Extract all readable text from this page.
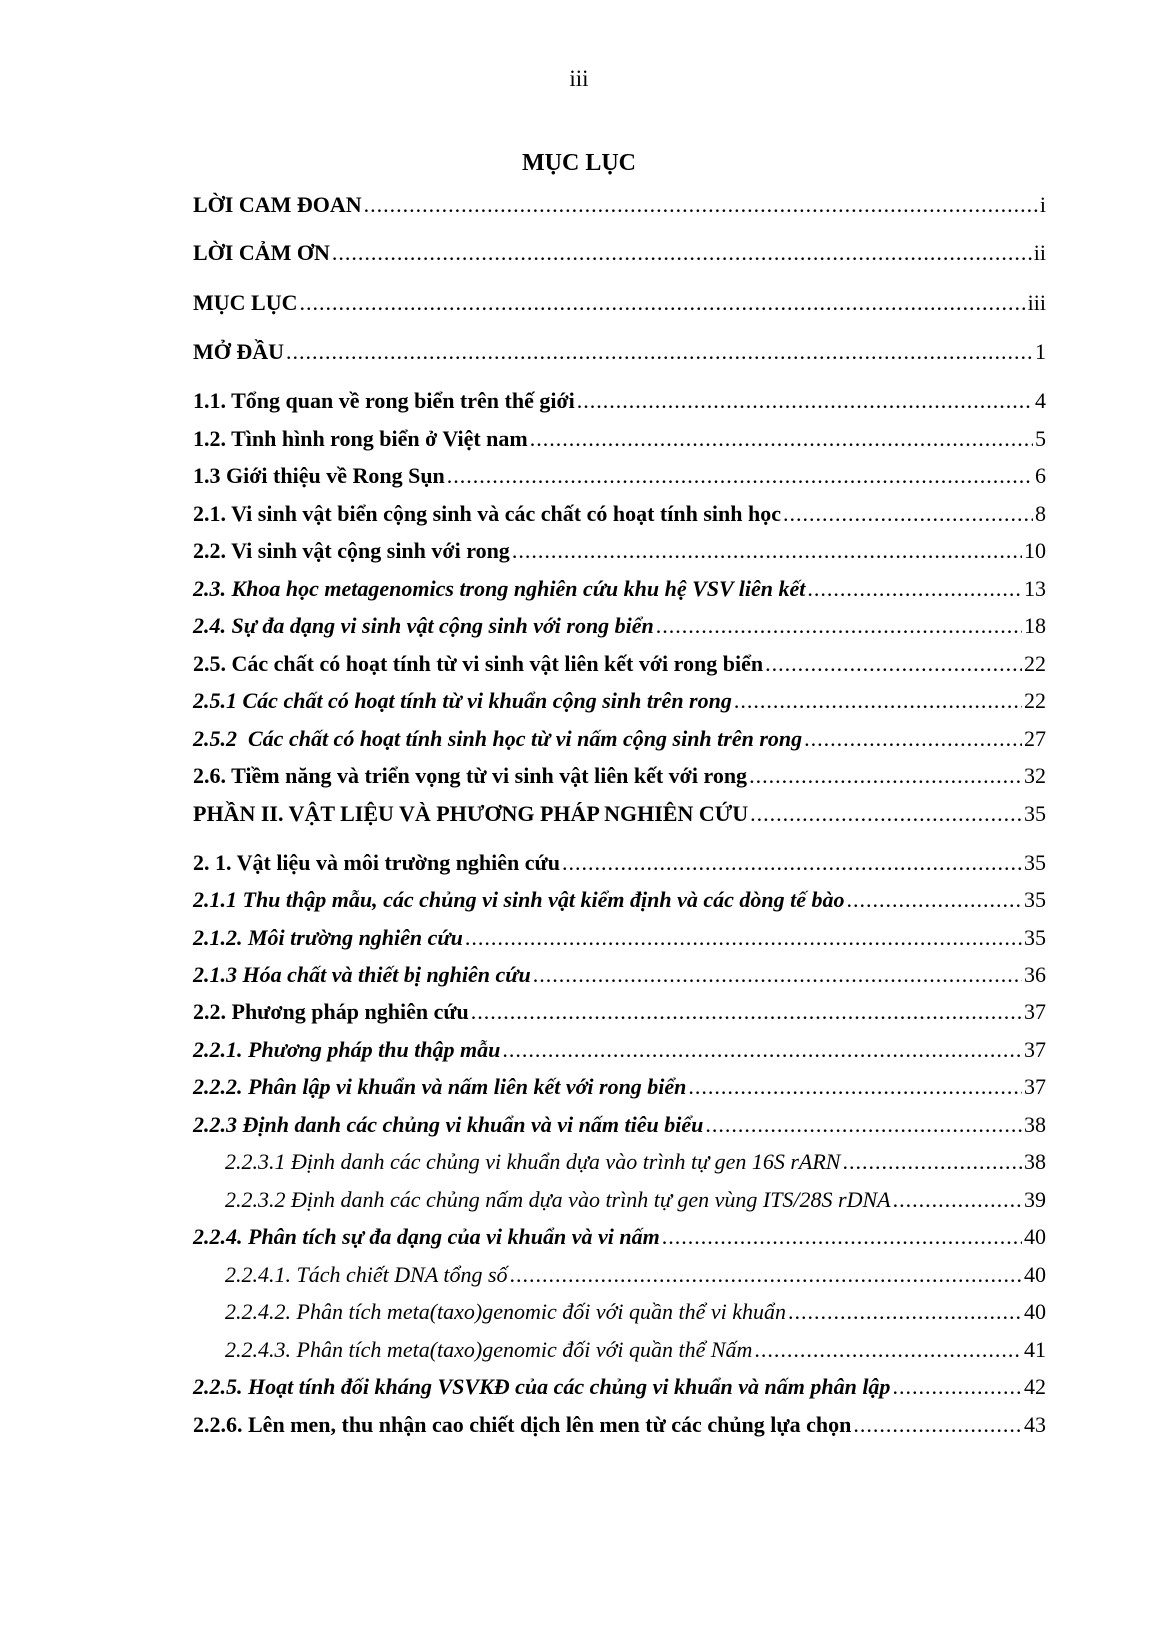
iii
MỤC LỤC
LỜI CAM ĐOAN .....	i
LỜI CẢM ƠN .....	ii
MỤC LỤC .....	iii
MỞ ĐẦU .....	1
1.1. Tổng quan về rong biển trên thế giới .....	4
1.2. Tình hình rong biển ở Việt nam .....	5
1.3 Giới thiệu về Rong Sụn .....	6
2.1. Vi sinh vật biển cộng sinh và các chất có hoạt tính sinh học .....	8
2.2. Vi sinh vật cộng sinh với rong .....	10
2.3. Khoa học metagenomics trong nghiên cứu khu hệ VSV liên kết .....	13
2.4. Sự đa dạng vi sinh vật cộng sinh với rong biển .....	18
2.5. Các chất có hoạt tính từ vi sinh vật liên kết với rong biển .....	22
2.5.1 Các chất có hoạt tính từ vi khuẩn cộng sinh trên rong .....	22
2.5.2  Các chất có hoạt tính sinh học từ vi nấm cộng sinh trên rong .....	27
2.6. Tiềm năng và triển vọng từ vi sinh vật liên kết với rong .....	32
PHẦN II. VẬT LIỆU VÀ PHƯƠNG PHÁP NGHIÊN CỨU .....	35
2. 1. Vật liệu và môi trường nghiên cứu .....	35
2.1.1 Thu thập mẫu, các chủng vi sinh vật kiểm định và các dòng tế bào .....	35
2.1.2. Môi trường nghiên cứu .....	35
2.1.3 Hóa chất và thiết bị nghiên cứu .....	36
2.2. Phương pháp nghiên cứu .....	37
2.2.1. Phương pháp thu thập mẫu .....	37
2.2.2. Phân lập vi khuẩn và nấm liên kết với rong biển .....	37
2.2.3 Định danh các chủng vi khuẩn và vi nấm tiêu biểu .....	38
2.2.3.1 Định danh các chủng vi khuẩn dựa vào trình tự gen 16S rARN .....	38
2.2.3.2 Định danh các chủng nấm dựa vào trình tự gen vùng ITS/28S rDNA .....	39
2.2.4. Phân tích sự đa dạng của vi khuẩn và vi nấm .....	40
2.2.4.1. Tách chiết DNA tổng số .....	40
2.2.4.2. Phân tích meta(taxo)genomic đối với quần thể vi khuẩn .....	40
2.2.4.3. Phân tích meta(taxo)genomic đối với quần thể Nấm .....	41
2.2.5. Hoạt tính đối kháng VSVKĐ của các chủng vi khuẩn và nấm phân lập .....	42
2.2.6. Lên men, thu nhận cao chiết dịch lên men từ các chủng lựa chọn .....	43
